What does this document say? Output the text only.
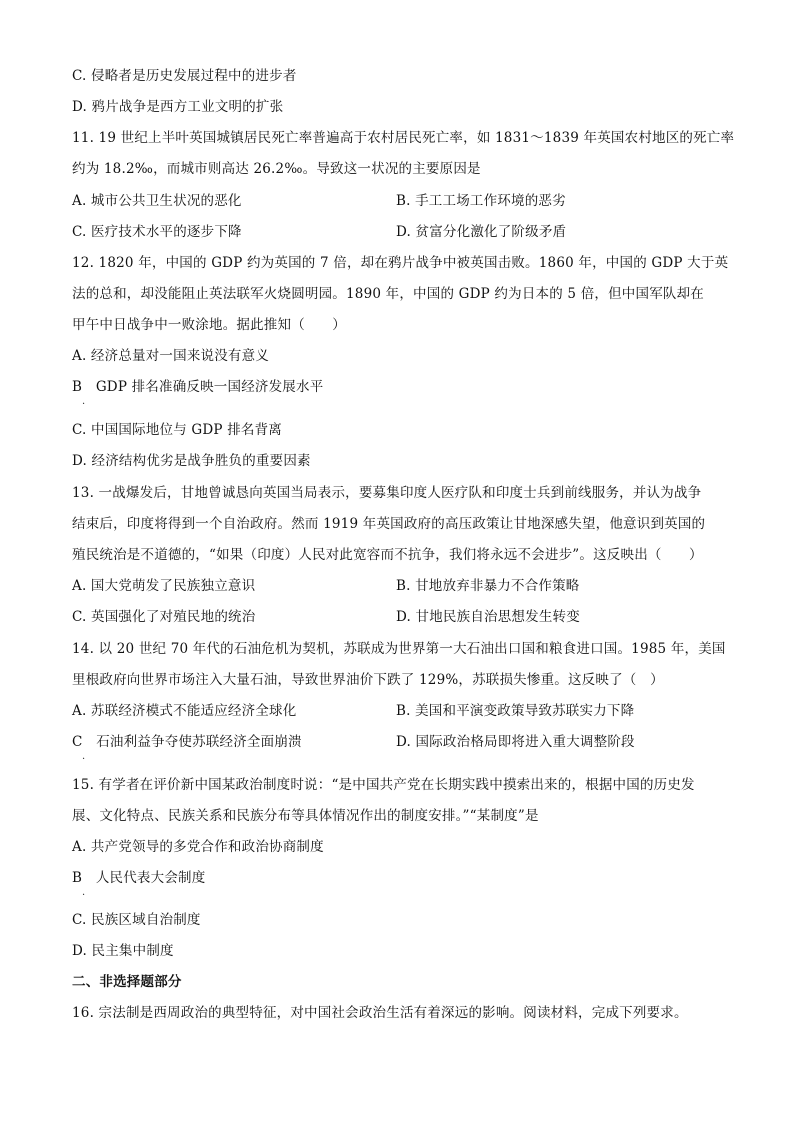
C. 侵略者是历史发展过程中的进步者
D. 鸦片战争是西方工业文明的扩张
11. 19 世纪上半叶英国城镇居民死亡率普遍高于农村居民死亡率，如 1831～1839 年英国农村地区的死亡率
约为 18.2‰，而城市则高达 26.2‰。导致这一状况的主要原因是
A. 城市公共卫生状况的恶化	B. 手工工场工作环境的恶劣
C. 医疗技术水平的逐步下降	D. 贫富分化激化了阶级矛盾
12. 1820 年，中国的 GDP 约为英国的 7 倍，却在鸦片战争中被英国击败。1860 年，中国的 GDP 大于英
法的总和，却没能阻止英法联军火烧圆明园。1890 年，中国的 GDP 约为日本的 5 倍，但中国军队却在
甲午中日战争中一败涂地。据此推知（　　）
A. 经济总量对一国来说没有意义
B　GDP 排名准确反映一国经济发展水平
·
C. 中国国际地位与 GDP 排名背离
D. 经济结构优劣是战争胜负的重要因素
13. 一战爆发后，甘地曾诚恳向英国当局表示，要募集印度人医疗队和印度士兵到前线服务，并认为战争
结束后，印度将得到一个自治政府。然而 1919 年英国政府的高压政策让甘地深感失望，他意识到英国的
殖民统治是不道德的，“如果（印度）人民对此宽容而不抗争，我们将永远不会进步”。这反映出（　　）
A. 国大党萌发了民族独立意识	B. 甘地放弃非暴力不合作策略
C. 英国强化了对殖民地的统治	D. 甘地民族自治思想发生转变
14. 以 20 世纪 70 年代的石油危机为契机，苏联成为世界第一大石油出口国和粮食进口国。1985 年，美国
里根政府向世界市场注入大量石油，导致世界油价下跌了 129%，苏联损失惨重。这反映了（　）
A. 苏联经济模式不能适应经济全球化	B. 美国和平演变政策导致苏联实力下降
C　石油利益争夺使苏联经济全面崩溃	D. 国际政治格局即将进入重大调整阶段
·
15. 有学者在评价新中国某政治制度时说：“是中国共产党在长期实践中摸索出来的，根据中国的历史发
展、文化特点、民族关系和民族分布等具体情况作出的制度安排。”“某制度”是
A. 共产党领导的多党合作和政治协商制度
B　人民代表大会制度
·
C. 民族区域自治制度
D. 民主集中制度
二、非选择题部分
16. 宗法制是西周政治的典型特征，对中国社会政治生活有着深远的影响。阅读材料，完成下列要求。
